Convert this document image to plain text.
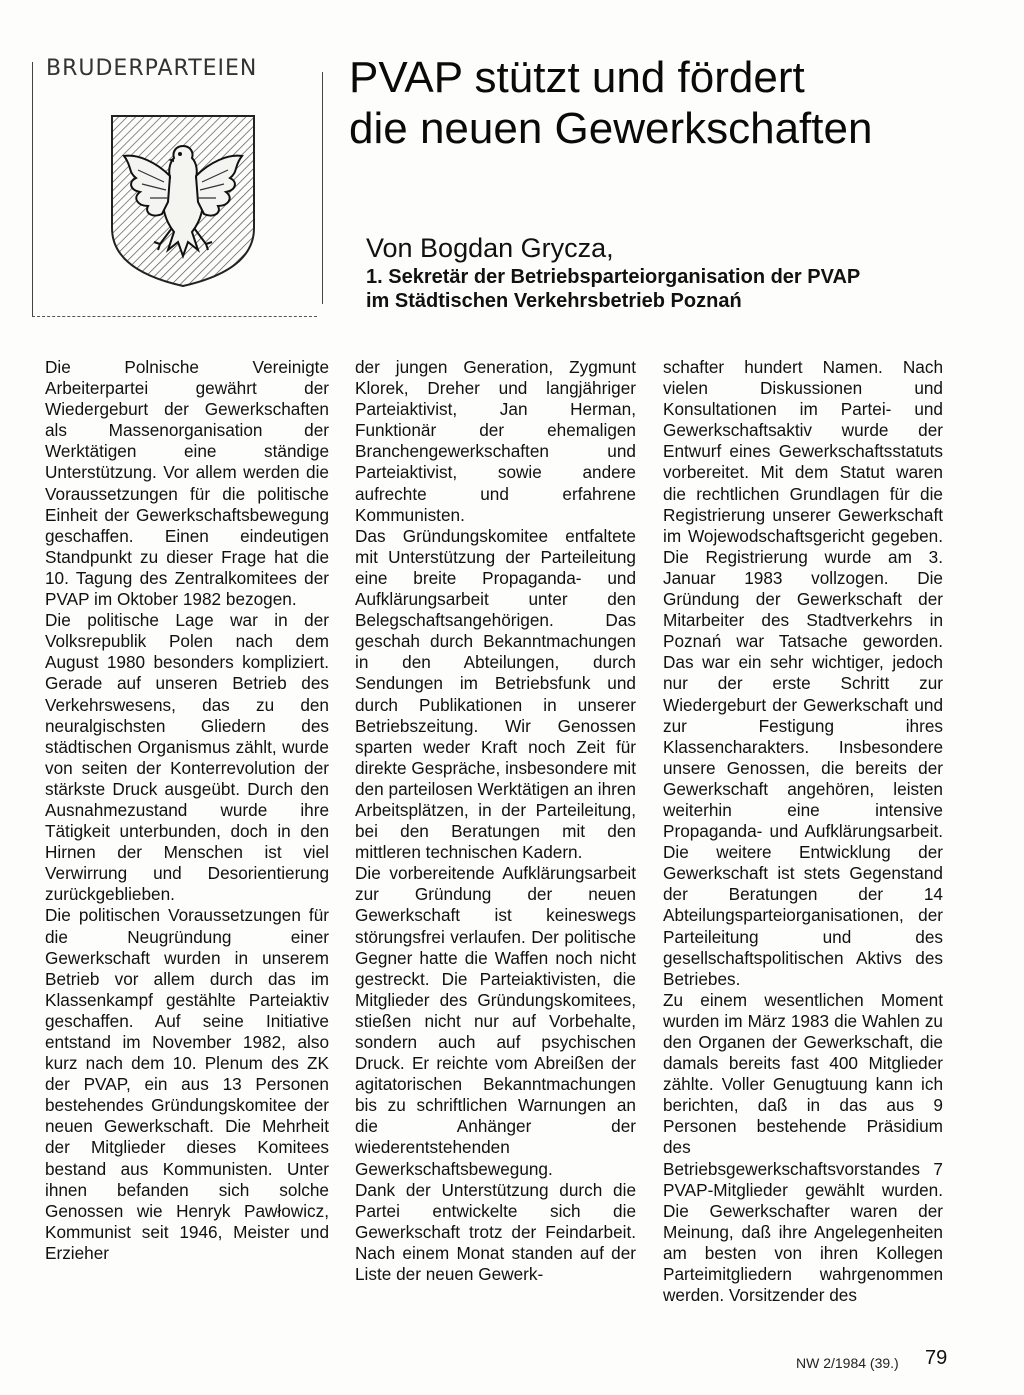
BRUDERPARTEIEN PVAP stützt und fördert
die neuen Gewerkschaften
Von Bogdan Grycza,
1. Sekretär der Betriebsparteiorganisation der PVAP
im Städtischen Verkehrsbetrieb Poznań

Die Polnische Vereinigte Arbeiterpartei gewährt der Wiedergeburt der Gewerkschaften als Massenorganisation der Werktätigen eine ständige Unterstützung. Vor allem werden die Voraussetzungen für die politische Einheit der Gewerkschaftsbewegung geschaffen. Einen eindeutigen Standpunkt zu dieser Frage hat die 10. Tagung des Zentralkomitees der PVAP im Oktober 1982 bezogen.

Die politische Lage war in der Volksrepublik Polen nach dem August 1980 besonders kompliziert. Gerade auf unseren Betrieb des Verkehrswesens, das zu den neuralgischsten Gliedern des städtischen Organismus zählt, wurde von seiten der Konterrevolution der stärkste Druck ausgeübt. Durch den Ausnahmezustand wurde ihre Tätigkeit unterbunden, doch in den Hirnen der Menschen ist viel Verwirrung und Desorientierung zurückgeblieben.

Die politischen Voraussetzungen für die Neugründung einer Gewerkschaft wurden in unserem Betrieb vor allem durch das im Klassenkampf gestählte Parteiaktiv geschaffen. Auf seine Initiative entstand im November 1982, also kurz nach dem 10. Plenum des ZK der PVAP, ein aus 13 Personen bestehendes Gründungskomitee der neuen Gewerkschaft. Die Mehrheit der Mitglieder dieses Komitees bestand aus Kommunisten. Unter ihnen befanden sich solche Genossen wie Henryk Pawłowicz, Kommunist seit 1946, Meister und Erzieher

der jungen Generation, Zygmunt Klorek, Dreher und langjähriger Parteiaktivist, Jan Herman, Funktionär der ehemaligen Branchengewerkschaften und Parteiaktivist, sowie andere aufrechte und erfahrene Kommunisten.

Das Gründungskomitee entfaltete mit Unterstützung der Parteileitung eine breite Propaganda- und Aufklärungsarbeit unter den Belegschaftsangehörigen. Das geschah durch Bekanntmachungen in den Abteilungen, durch Sendungen im Betriebsfunk und durch Publikationen in unserer Betriebszeitung. Wir Genossen sparten weder Kraft noch Zeit für direkte Gespräche, insbesondere mit den parteilosen Werktätigen an ihren Arbeitsplätzen, in der Parteileitung, bei den Beratungen mit den mittleren technischen Kadern.

Die vorbereitende Aufklärungsarbeit zur Gründung der neuen Gewerkschaft ist keineswegs störungsfrei verlaufen. Der politische Gegner hatte die Waffen noch nicht gestreckt. Die Parteiaktivisten, die Mitglieder des Gründungskomitees, stießen nicht nur auf Vorbehalte, sondern auch auf psychischen Druck. Er reichte vom Abreißen der agitatorischen Bekanntmachungen bis zu schriftlichen Warnungen an die Anhänger der wiederentstehenden Gewerkschaftsbewegung.

Dank der Unterstützung durch die Partei entwickelte sich die Gewerkschaft trotz der Feindarbeit. Nach einem Monat standen auf der Liste der neuen Gewerk-

schafter hundert Namen. Nach vielen Diskussionen und Konsultationen im Partei- und Gewerkschaftsaktiv wurde der Entwurf eines Gewerkschaftsstatuts vorbereitet. Mit dem Statut waren die rechtlichen Grundlagen für die Registrierung unserer Gewerkschaft im Wojewodschaftsgericht gegeben. Die Registrierung wurde am 3. Januar 1983 vollzogen. Die Gründung der Gewerkschaft der Mitarbeiter des Stadtverkehrs in Poznań war Tatsache geworden. Das war ein sehr wichtiger, jedoch nur der erste Schritt zur Wiedergeburt der Gewerkschaft und zur Festigung ihres Klassencharakters. Insbesondere unsere Genossen, die bereits der Gewerkschaft angehören, leisten weiterhin eine intensive Propaganda- und Aufklärungsarbeit. Die weitere Entwicklung der Gewerkschaft ist stets Gegenstand der Beratungen der 14 Abteilungsparteiorganisationen, der Parteileitung und des gesellschaftspolitischen Aktivs des Betriebes.

Zu einem wesentlichen Moment wurden im März 1983 die Wahlen zu den Organen der Gewerkschaft, die damals bereits fast 400 Mitglieder zählte. Voller Genugtuung kann ich berichten, daß in das aus 9 Personen bestehende Präsidium des Betriebsgewerkschaftsvorstandes 7 PVAP-Mitglieder gewählt wurden. Die Gewerkschafter waren der Meinung, daß ihre Angelegenheiten am besten von ihren Kollegen Parteimitgliedern wahrgenommen werden. Vorsitzender des

NW 2/1984 (39.) 79
